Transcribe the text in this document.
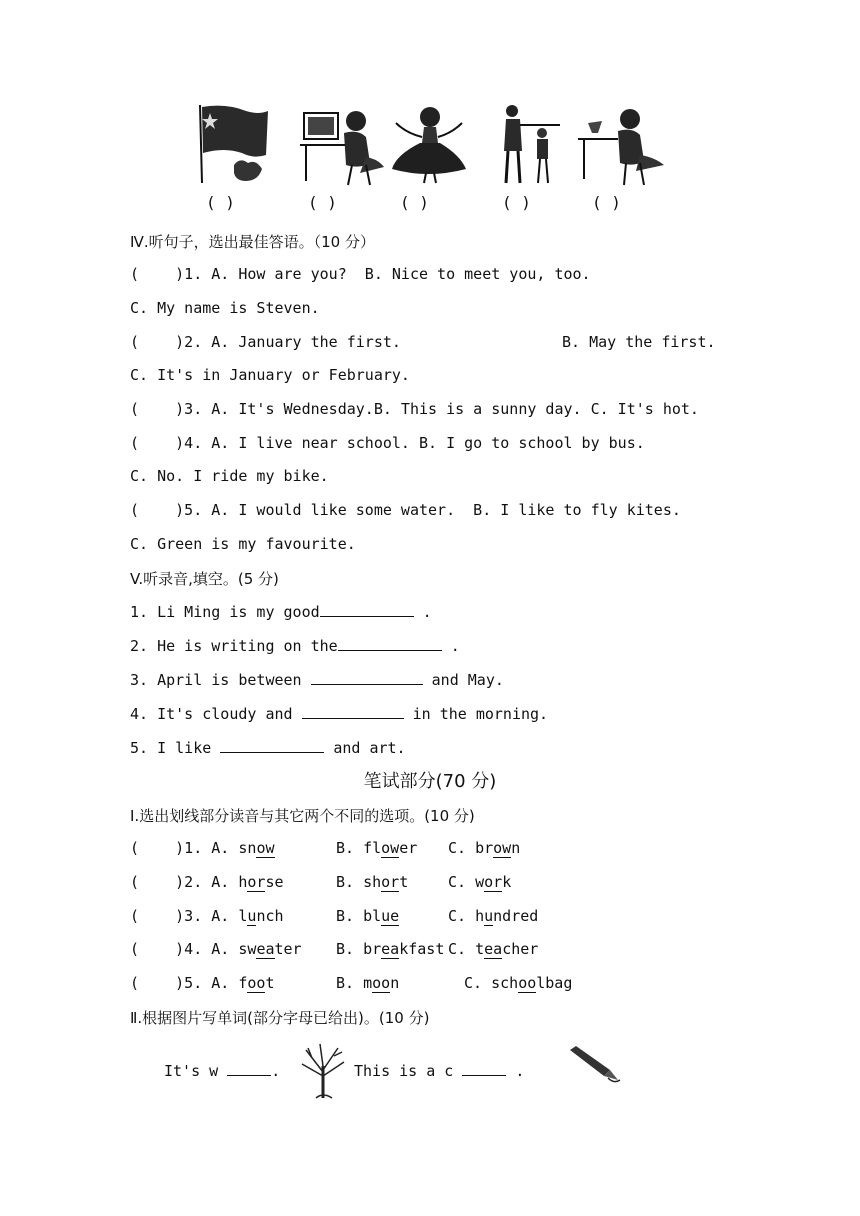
( )	( )	( )	( )	( )
Ⅳ.听句子，选出最佳答语。（10 分）
(    )1. A. How are you?  B. Nice to meet you, too.
C. My name is Steven.
(    )2. A. January the first.	B. May the first.
C. It's in January or February.
(    )3. A. It's Wednesday.B. This is a sunny day. C. It's hot.
(    )4. A. I live near school. B. I go to school by bus.
C. No. I ride my bike.
(    )5. A. I would like some water.  B. I like to fly kites.
C. Green is my favourite.
V.听录音,填空。(5 分)
1. Li Ming is my good	.
2. He is writing on the	.
3. April is between	and May.
4. It's cloudy and	in the morning.
5. I like	and art.
笔试部分(70 分)
Ⅰ.选出划线部分读音与其它两个不同的选项。(10 分)
(    )1. A. snow	B. flower C. brown
(    )2. A. horse	B. short	C. work
(    )3. A. lunch	B. blue	C. hundred
(    )4. A. sweater B. breakfast C. teacher
(    )5. A. foot	B. moon	C. schoolbag
Ⅱ.根据图片写单词(部分字母已给出)。(10 分)
It's w	.	This is a c	.
